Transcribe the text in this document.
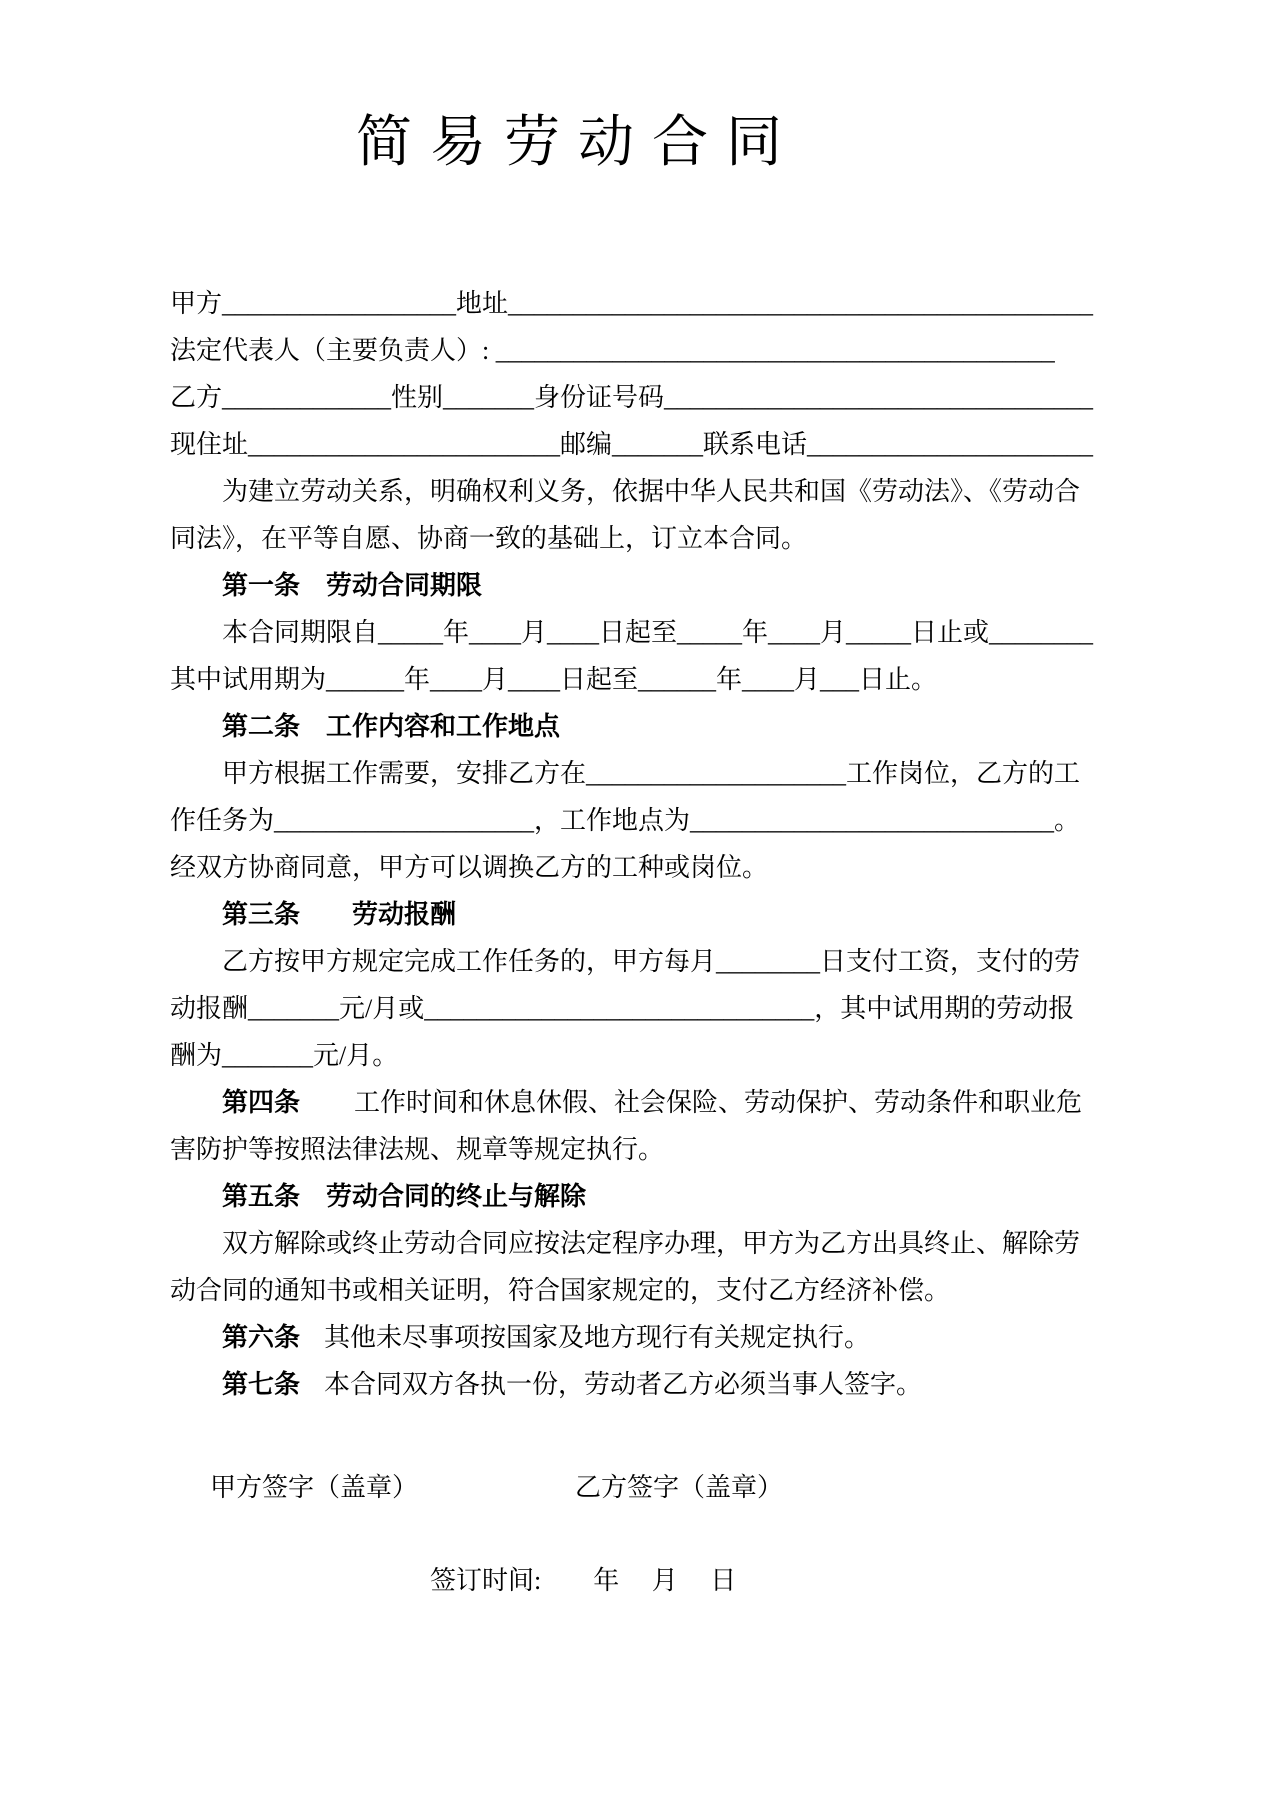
简 易 劳 动 合 同
甲方__________________地址_____________________________________________
法定代表人（主要负责人）: ___________________________________________
乙方_____________性别_______身份证号码_________________________________
现住址________________________邮编_______联系电话______________________
为建立劳动关系，明确权利义务，依据中华人民共和国《劳动法》、《劳动合
同法》，在平等自愿、协商一致的基础上，订立本合同。
第一条　劳动合同期限
本合同期限自_____年____月____日起至_____年____月_____日止或________
其中试用期为______年____月____日起至______年____月___日止。
第二条　工作内容和工作地点
甲方根据工作需要，安排乙方在____________________工作岗位，乙方的工
作任务为____________________，工作地点为____________________________。
经双方协商同意，甲方可以调换乙方的工种或岗位。
第三条　　劳动报酬
乙方按甲方规定完成工作任务的，甲方每月________日支付工资，支付的劳
动报酬_______元/月或______________________________，其中试用期的劳动报
酬为_______元/月。
第四条 工作时间和休息休假、社会保险、劳动保护、劳动条件和职业危
害防护等按照法律法规、规章等规定执行。
第五条　劳动合同的终止与解除
双方解除或终止劳动合同应按法定程序办理，甲方为乙方出具终止、解除劳
动合同的通知书或相关证明，符合国家规定的，支付乙方经济补偿。
第六条 其他未尽事项按国家及地方现行有关规定执行。
第七条 本合同双方各执一份，劳动者乙方必须当事人签字。
甲方签字（盖章）	乙方签字（盖章）
签订时间:　　年　 月　 日
